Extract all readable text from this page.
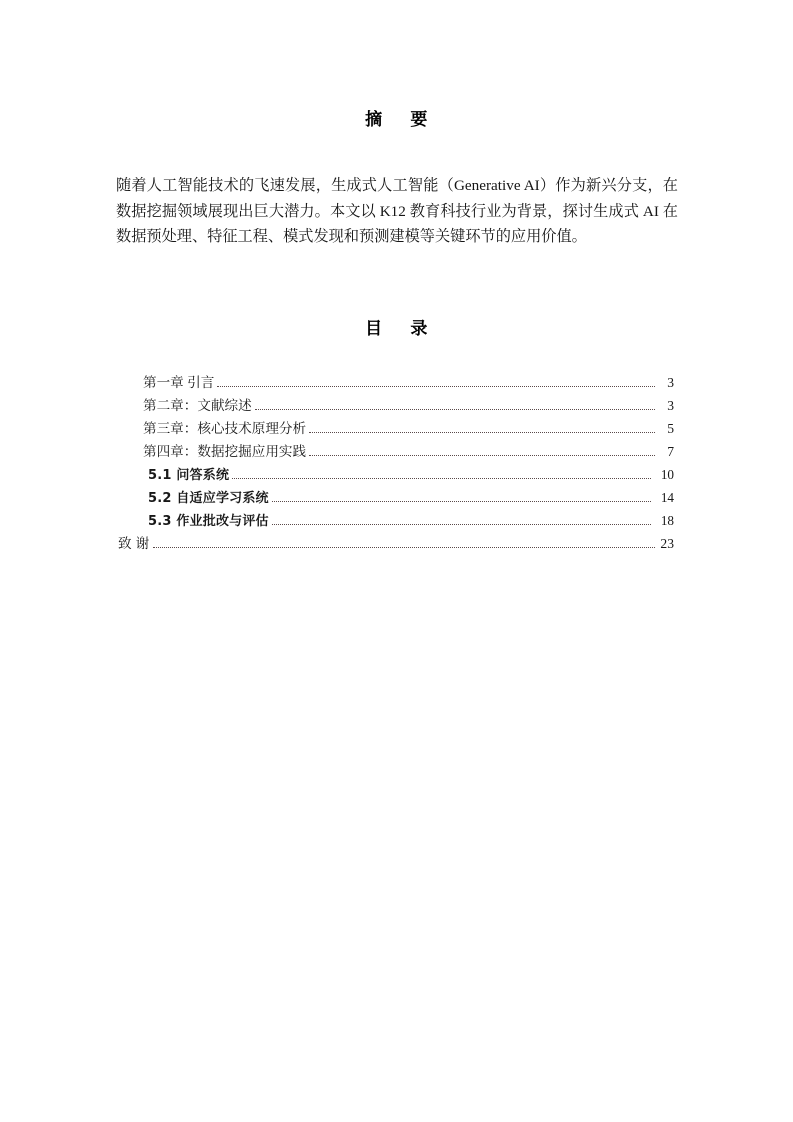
摘 要

随着人工智能技术的飞速发展，生成式人工智能（Generative AI）作为新兴分支，在数据挖掘领域展现出巨大潜力。本文以 K12 教育科技行业为背景，探讨生成式 AI 在数据预处理、特征工程、模式发现和预测建模等关键环节的应用价值。

目 录
第一章 引言	3
第二章：文献综述	3
第三章：核心技术原理分析	5
第四章：数据挖掘应用实践	7
5.1 问答系统	10
5.2 自适应学习系统	14
5.3 作业批改与评估	18
致 谢	23
